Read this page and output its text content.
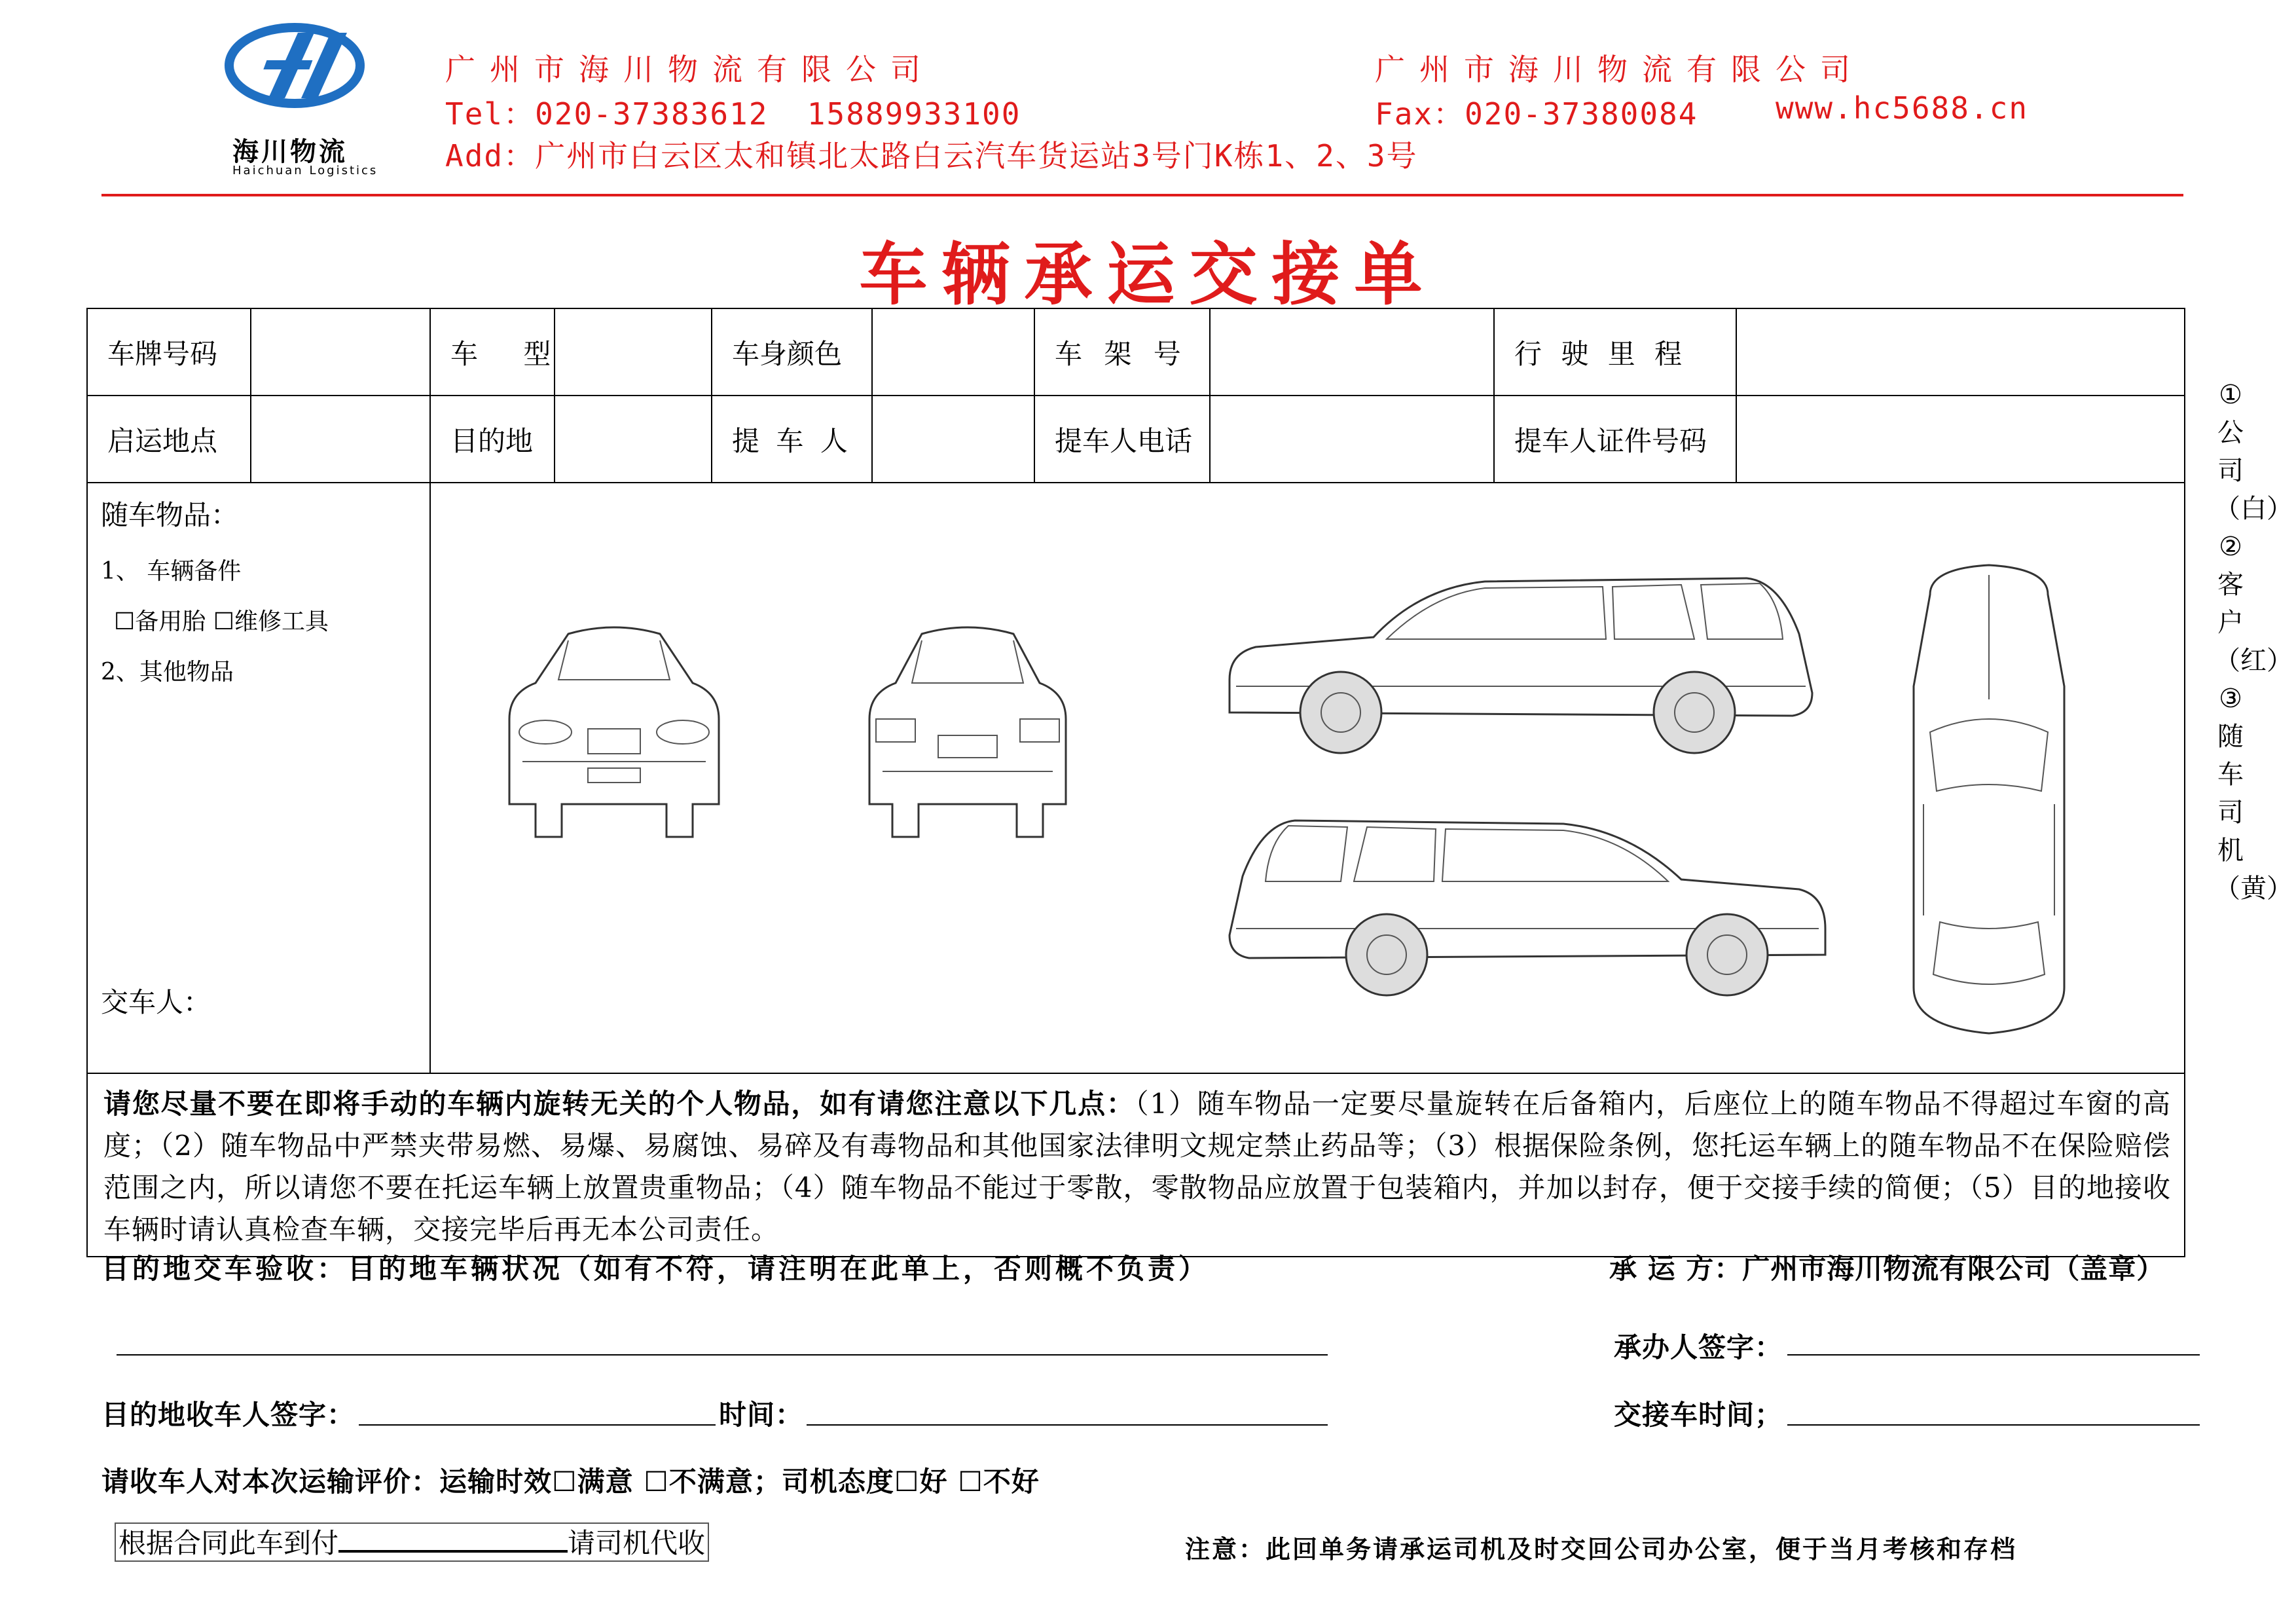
海川物流
Haichuan Logistics
广州市海川物流有限公司	广州市海川物流有限公司
Tel：020-37383612  15889933100	Fax：020-37380084	www.hc5688.cn
Add：广州市白云区太和镇北太路白云汽车货运站3号门K栋1、2、3号
车辆承运交接单
车牌号码		车 型		车身颜色		车 架 号		行 驶 里 程	
启运地点		目的地		提 车 人		提车人电话		提车人证件号码	

随车物品：
1、 车辆备件
☐备用胎 ☐维修工具
2、其他物品
交车人：

请您尽量不要在即将手动的车辆内旋转无关的个人物品，如有请您注意以下几点：（1）随车物品一定要尽量旋转在后备箱内，后座位上的随车物品不得超过车窗的高度；（2）随车物品中严禁夹带易燃、易爆、易腐蚀、易碎及有毒物品和其他国家法律明文规定禁止药品等；（3）根据保险条例，您托运车辆上的随车物品不在保险赔偿范围之内，所以请您不要在托运车辆上放置贵重物品；（4）随车物品不能过于零散，零散物品应放置于包装箱内，并加以封存，便于交接手续的简便；（5）目的地接收车辆时请认真检查车辆，交接完毕后再无本公司责任。									
目的地交车验收：目的地车辆状况（如有不符，请注明在此单上，否则概不负责）	承 运 方：广州市海川物流有限公司（盖章）
承办人签字：
目的地收车人签字：	时间：	交接车时间；
请收车人对本次运输评价：运输时效☐满意 ☐不满意；司机态度☐好 ☐不好
根据合同此车到付	请司机代收	注意：此回单务请承运司机及时交回公司办公室，便于当月考核和存档
①公司（白）②客户（红）③随车司机（黄）
